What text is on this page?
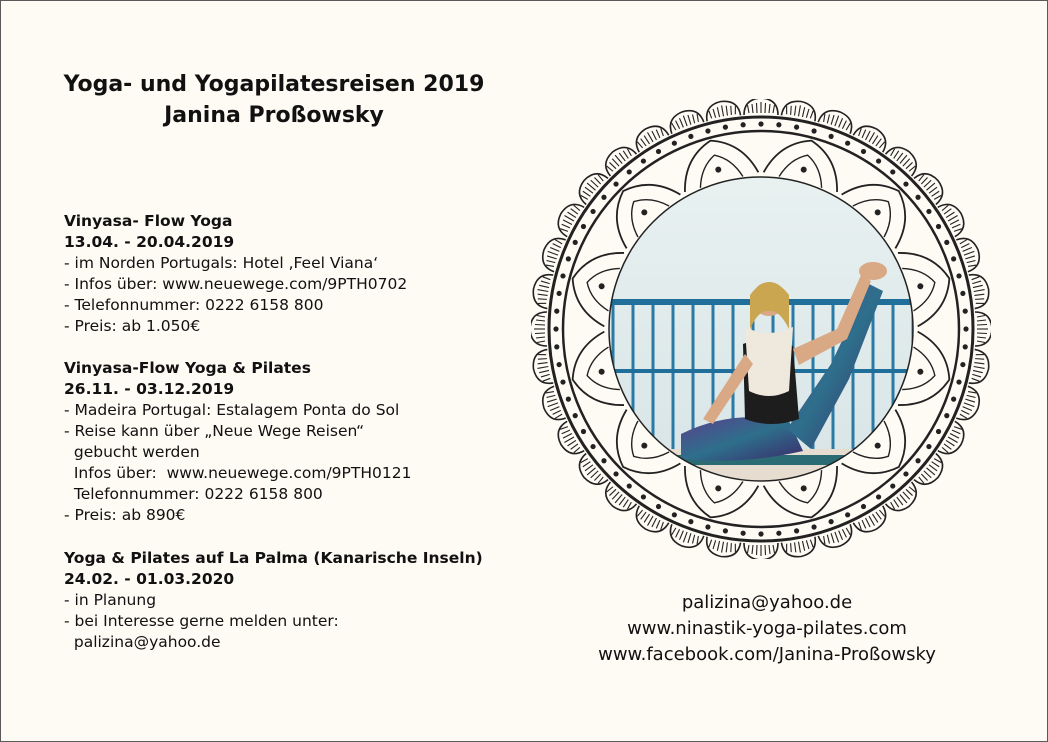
Yoga- und Yogapilatesreisen 2019
Janina Proßowsky
Vinyasa- Flow Yoga
13.04. - 20.04.2019
- im Norden Portugals: Hotel ‚Feel Viana‘
- Infos über: www.neuewege.com/9PTH0702
- Telefonnummer: 0222 6158 800
- Preis: ab 1.050€
Vinyasa-Flow Yoga & Pilates
26.11. - 03.12.2019
- Madeira Portugal: Estalagem Ponta do Sol
- Reise kann über „Neue Wege Reisen“
gebucht werden
Infos über:  www.neuewege.com/9PTH0121
Telefonnummer: 0222 6158 800
- Preis: ab 890€
Yoga & Pilates auf La Palma (Kanarische Inseln)
24.02. - 01.03.2020
- in Planung
- bei Interesse gerne melden unter:
palizina@yahoo.de
palizina@yahoo.de
www.ninastik-yoga-pilates.com
www.facebook.com/Janina-Proßowsky
